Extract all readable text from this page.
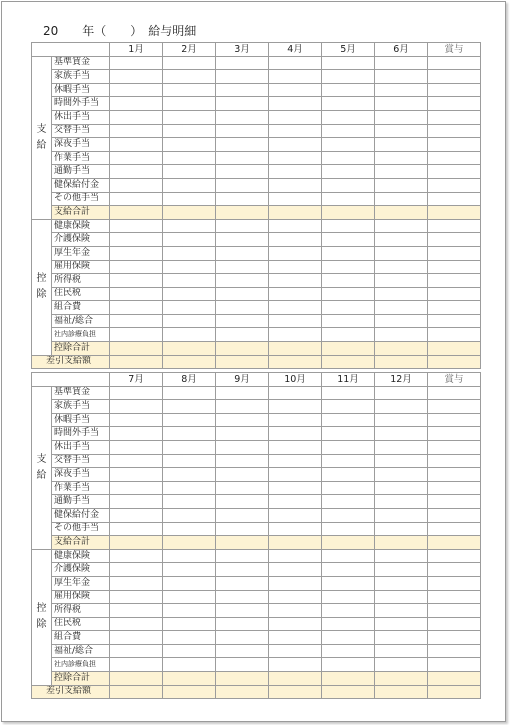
20　　年（　　）　給与明細
		1月	2月	3月	4月	5月	6月	賞与
支
給	基準賃金							
	家族手当							
	休暇手当							
	時間外手当							
	休出手当							
	交替手当							
	深夜手当							
	作業手当							
	通勤手当							
	健保給付金							
	その他手当							
	支給合計							
控
除	健康保険							
	介護保険							
	厚生年金							
	雇用保険							
	所得税							
	住民税							
	組合費							
	福祉/総合							
	社内診療負担							
	控除合計							
差引支給額								
		7月	8月	9月	10月	11月	12月	賞与
支
給	基準賃金							
	家族手当							
	休暇手当							
	時間外手当							
	休出手当							
	交替手当							
	深夜手当							
	作業手当							
	通勤手当							
	健保給付金							
	その他手当							
	支給合計							
控
除	健康保険							
	介護保険							
	厚生年金							
	雇用保険							
	所得税							
	住民税							
	組合費							
	福祉/総合							
	社内診療負担							
	控除合計							
差引支給額								
